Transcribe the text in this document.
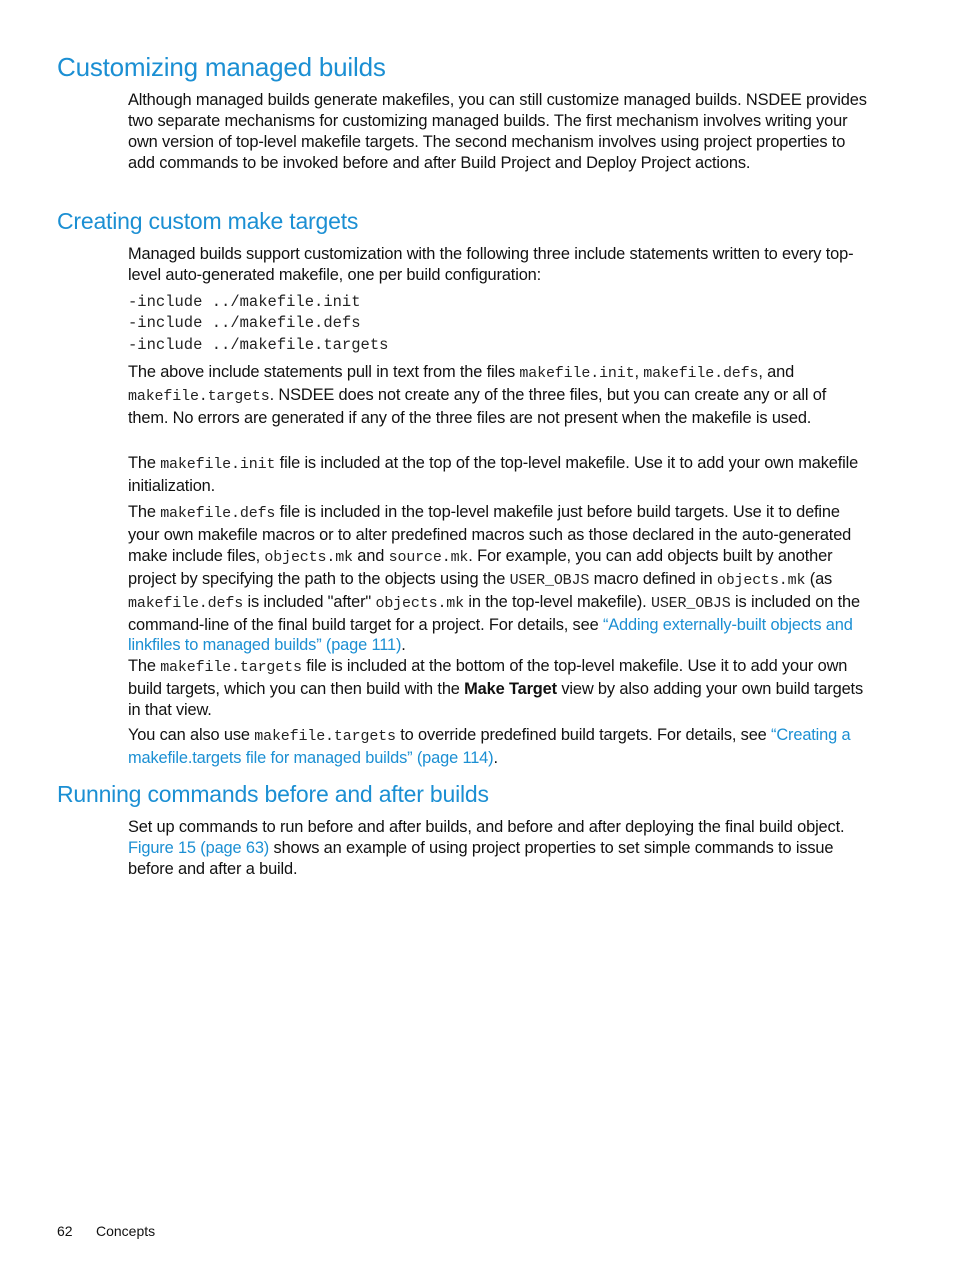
Customizing managed builds

Although managed builds generate makefiles, you can still customize managed builds. NSDEE provides two separate mechanisms for customizing managed builds. The first mechanism involves writing your own version of top-level makefile targets. The second mechanism involves using project properties to add commands to be invoked before and after Build Project and Deploy Project actions.

Creating custom make targets

Managed builds support customization with the following three include statements written to every top-level auto-generated makefile, one per build configuration:

-include ../makefile.init
-include ../makefile.defs
-include ../makefile.targets

The above include statements pull in text from the files makefile.init, makefile.defs, and makefile.targets. NSDEE does not create any of the three files, but you can create any or all of them. No errors are generated if any of the three files are not present when the makefile is used.

The makefile.init file is included at the top of the top-level makefile. Use it to add your own makefile initialization.

The makefile.defs file is included in the top-level makefile just before build targets. Use it to define your own makefile macros or to alter predefined macros such as those declared in the auto-generated make include files, objects.mk and source.mk. For example, you can add objects built by another project by specifying the path to the objects using the USER_OBJS macro defined in objects.mk (as makefile.defs is included "after" objects.mk in the top-level makefile). USER_OBJS is included on the command-line of the final build target for a project. For details, see “Adding externally-built objects and linkfiles to managed builds” (page 111).

The makefile.targets file is included at the bottom of the top-level makefile. Use it to add your own build targets, which you can then build with the Make Target view by also adding your own build targets in that view.

You can also use makefile.targets to override predefined build targets. For details, see “Creating a makefile.targets file for managed builds” (page 114).

Running commands before and after builds

Set up commands to run before and after builds, and before and after deploying the final build object. Figure 15 (page 63) shows an example of using project properties to set simple commands to issue before and after a build.

62 Concepts
